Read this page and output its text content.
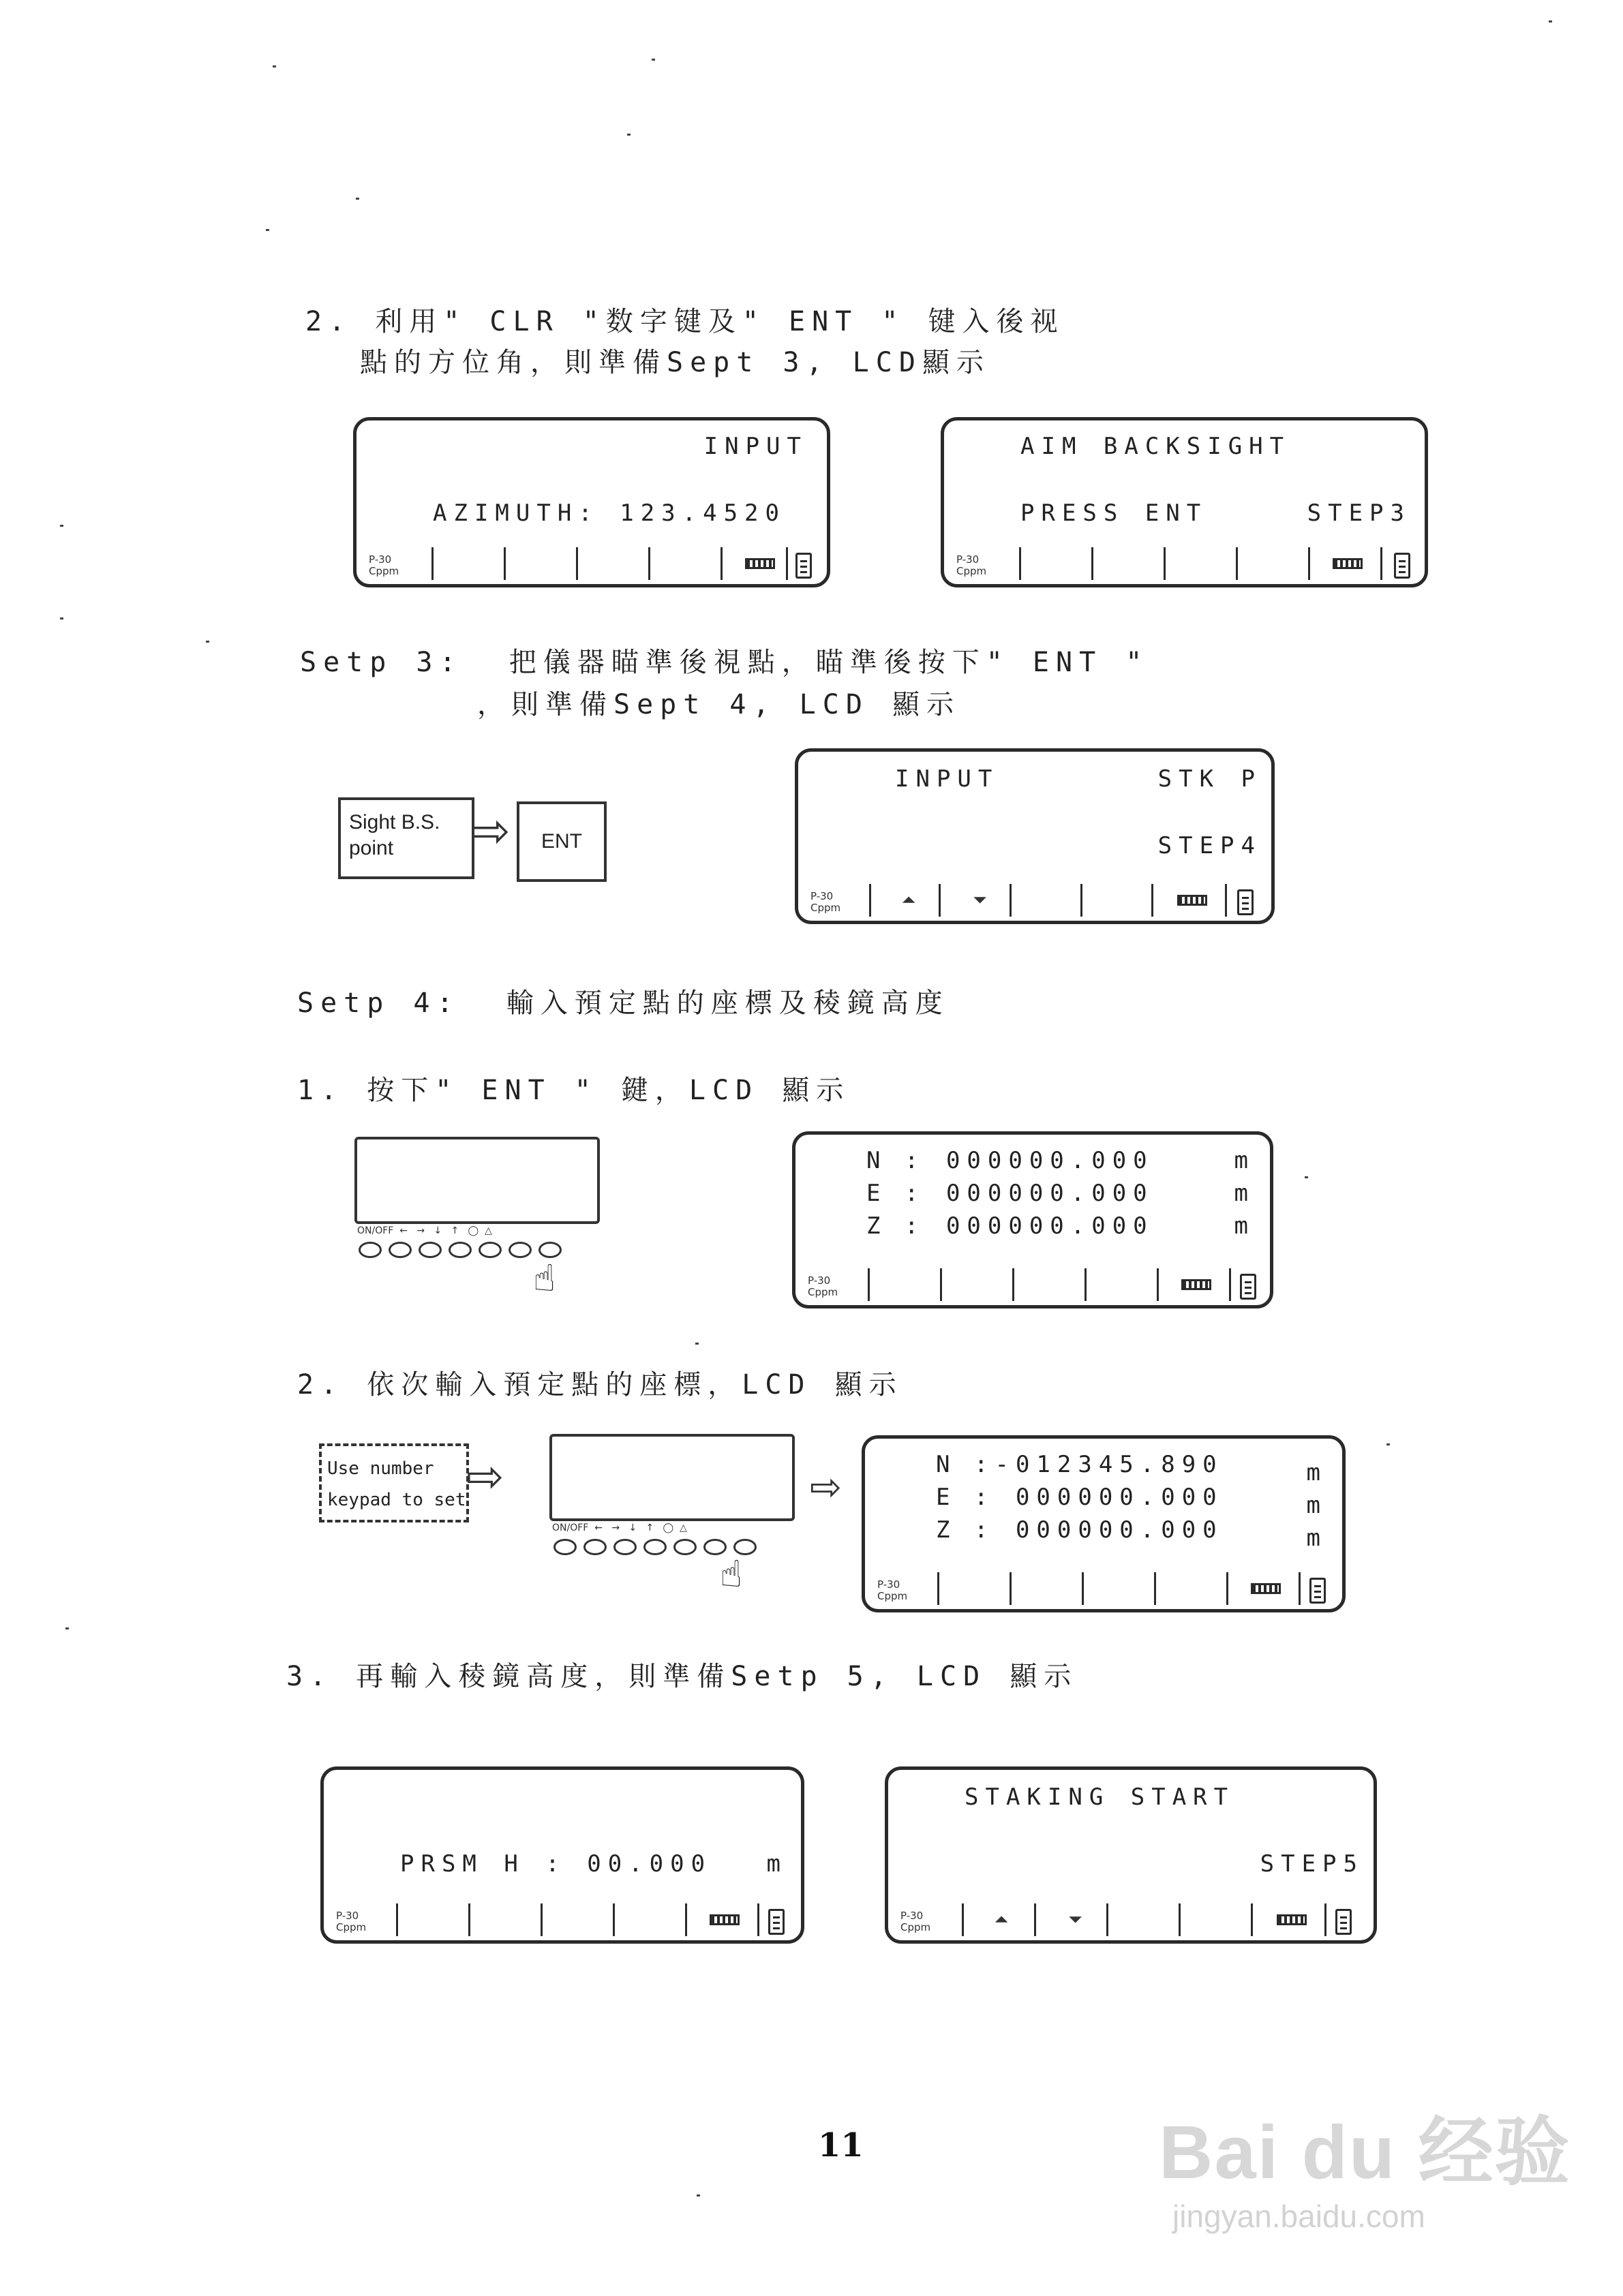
2. 利用" CLR "数字键及" ENT " 键入後视
點的方位角，則準備Sept 3, LCD顯示
INPUT
AZIMUTH: 123.4520
P-30
Cppm
AIM BACKSIGHT
PRESS ENT	STEP3
P-30
Cppm
Setp 3:  把儀器瞄準後視點，瞄準後按下" ENT "
，則準備Sept 4, LCD 顯示
Sight B.S.
point	⇨	ENT
INPUT	STK P
STEP4
P-30
Cppm	⏶	⏷
Setp 4:  輸入預定點的座標及稜鏡高度
1. 按下" ENT " 鍵，LCD 顯示
ON/OFF  ←   →   ↓   ↑   ◯  △
☝
N : 000000.000	m
E : 000000.000	m
Z : 000000.000	m
P-30
Cppm
2. 依次輸入預定點的座標，LCD 顯示
Use number
keypad to set ⇨
ON/OFF  ←   →   ↓   ↑   ◯  △
☝
⇨
N :-012345.890	m
E : 000000.000	m
Z : 000000.000	m
P-30
Cppm
3. 再輸入稜鏡高度，則準備Setp 5, LCD 顯示
PRSM H : 00.000 m
P-30
Cppm
STAKING START
STEP5
P-30
Cppm	⏶	⏷
11	Bai du 经验
jingyan.baidu.com
